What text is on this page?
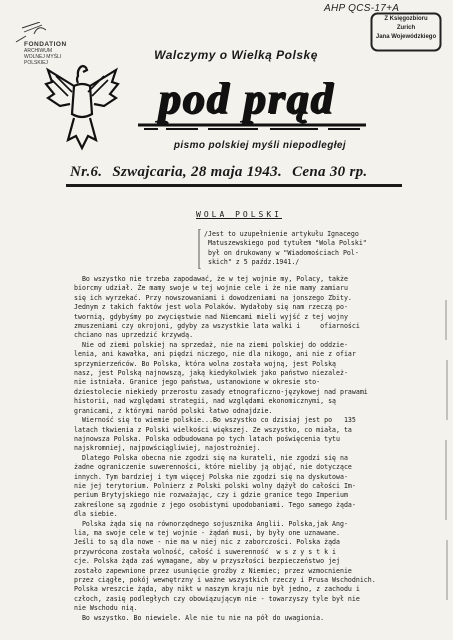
AHP QCS-17+A
FONDATION
ARCHIWUM
WOLNEJ MYŚLI
POLSKIEJ
Z Księgozbioru
Zurich
Jana Wojewódzkiego
Walczymy o Wielką Polskę
pod prąd
pismo polskiej myśli niepodległej
Nr.6. Szwajcaria, 28 maja 1943. Cena 30 rp.
WOLA POLSKI

/Jest to uzupełnienie artykułu Ignacego

Matuszewskiego pod tytułem "Wola Polski"

był on drukowany w "Wiadomościach Pol-

skich" z 5 paźdz.1941./

Bo wszystko nie trzeba zapodawać, że w tej wojnie my, Polacy, także

biorcmy udział. Że mamy swoje w tej wojnie cele i że nie mamy zamiaru

się ich wyrzekać. Przy nowszowaniami i dowodzeniami na jonszego Zbity.

Jednym z takich faktów jest wola Polaków. Wydałoby się nam rzeczą po-

twornią, gdybyśmy po zwycięstwie nad Niemcami mieli wyjść z tej wojny

zmuszeniami czy okrojoni, gdyby za wszystkie lata walki i     ofiarności

chciano nas uprzedzić krzywdą.

Nie od ziemi polskiej na sprzedaż, nie na ziemi polskiej do oddzie-

lenia, ani kawałka, ani piędzi niczego, nie dla nikogo, ani nie z ofiar

sprzymierzeńców. Bo Polska, która wolna została wojną, jest Polską

nasz, jest Polską najnowszą, jaką kiedykolwiek jako państwo niezależ-

nie istniała. Granice jego państwa, ustanowione w okresie sto-

dziestolecie niekiedy przerostu zasady etnograficzno-językowej nad prawami

historii, nad względami strategii, nad względami ekonomicznymi, są

granicami, z którymi naród polski łatwo odnajdzie.

Wierność się to wiemie polskie...Bo wszystko co dzisiaj jest po   135

latach tkwienia z Polski wielkości większej. Ze wszystko, co miała, ta

najnowsza Polska. Polska odbudowana po tych latach poświęcenia tytu

najskromniej, najpowściągliwiej, najostrożniej.

Dlatego Polska obecna nie zgodzi się na kurateli, nie zgodzi się na

żadne ograniczenie suwerenności, które mieliby ją objąć, nie dotyczące

innych. Tym bardziej i tym więcej Polska nie zgodzi się na dyskutowa-

nie jej terytorium. Polnierz z Polski polski wolny dążył do całości Im-

perium Brytyjskiego nie rozważając, czy i gdzie granice tego Imperium

zakreślone są zgodnie z jego osobistymi upodobaniami. Tego samego żąda-

dla siebie.

Polska żąda się na równorzędnego sojusznika Anglii. Polska,jak Ang-

lia, ma swoje cele w tej wojnie - żądań musi, by były one uznawane.

Jeśli to są dla nowe - nie ma w niej nic z zaborczości. Polska żąda

przywrócona została wolność, całość i suwerenność  w s z y s t k i

cje. Polska żąda zaś wymagane, aby w przyszłości bezpieczeństwo jej

zostało zapewnione przez usunięcie groźby z Niemiec; przez wzmocnienie

przez ciągłe, pokój wewnętrzny i ważne wszystkich rzeczy i Prusa Wschodnich.

Polska wreszcie żąda, aby nikt w naszym kraju nie był jedno, z zachodu i

człoch, zasię podległych czy obowiązującym nie - towarzyszy tyle był nie

nie Wschodu nią.

Bo wszystko. Bo niewiele. Ale nie tu nie na pół do uwagionia.
